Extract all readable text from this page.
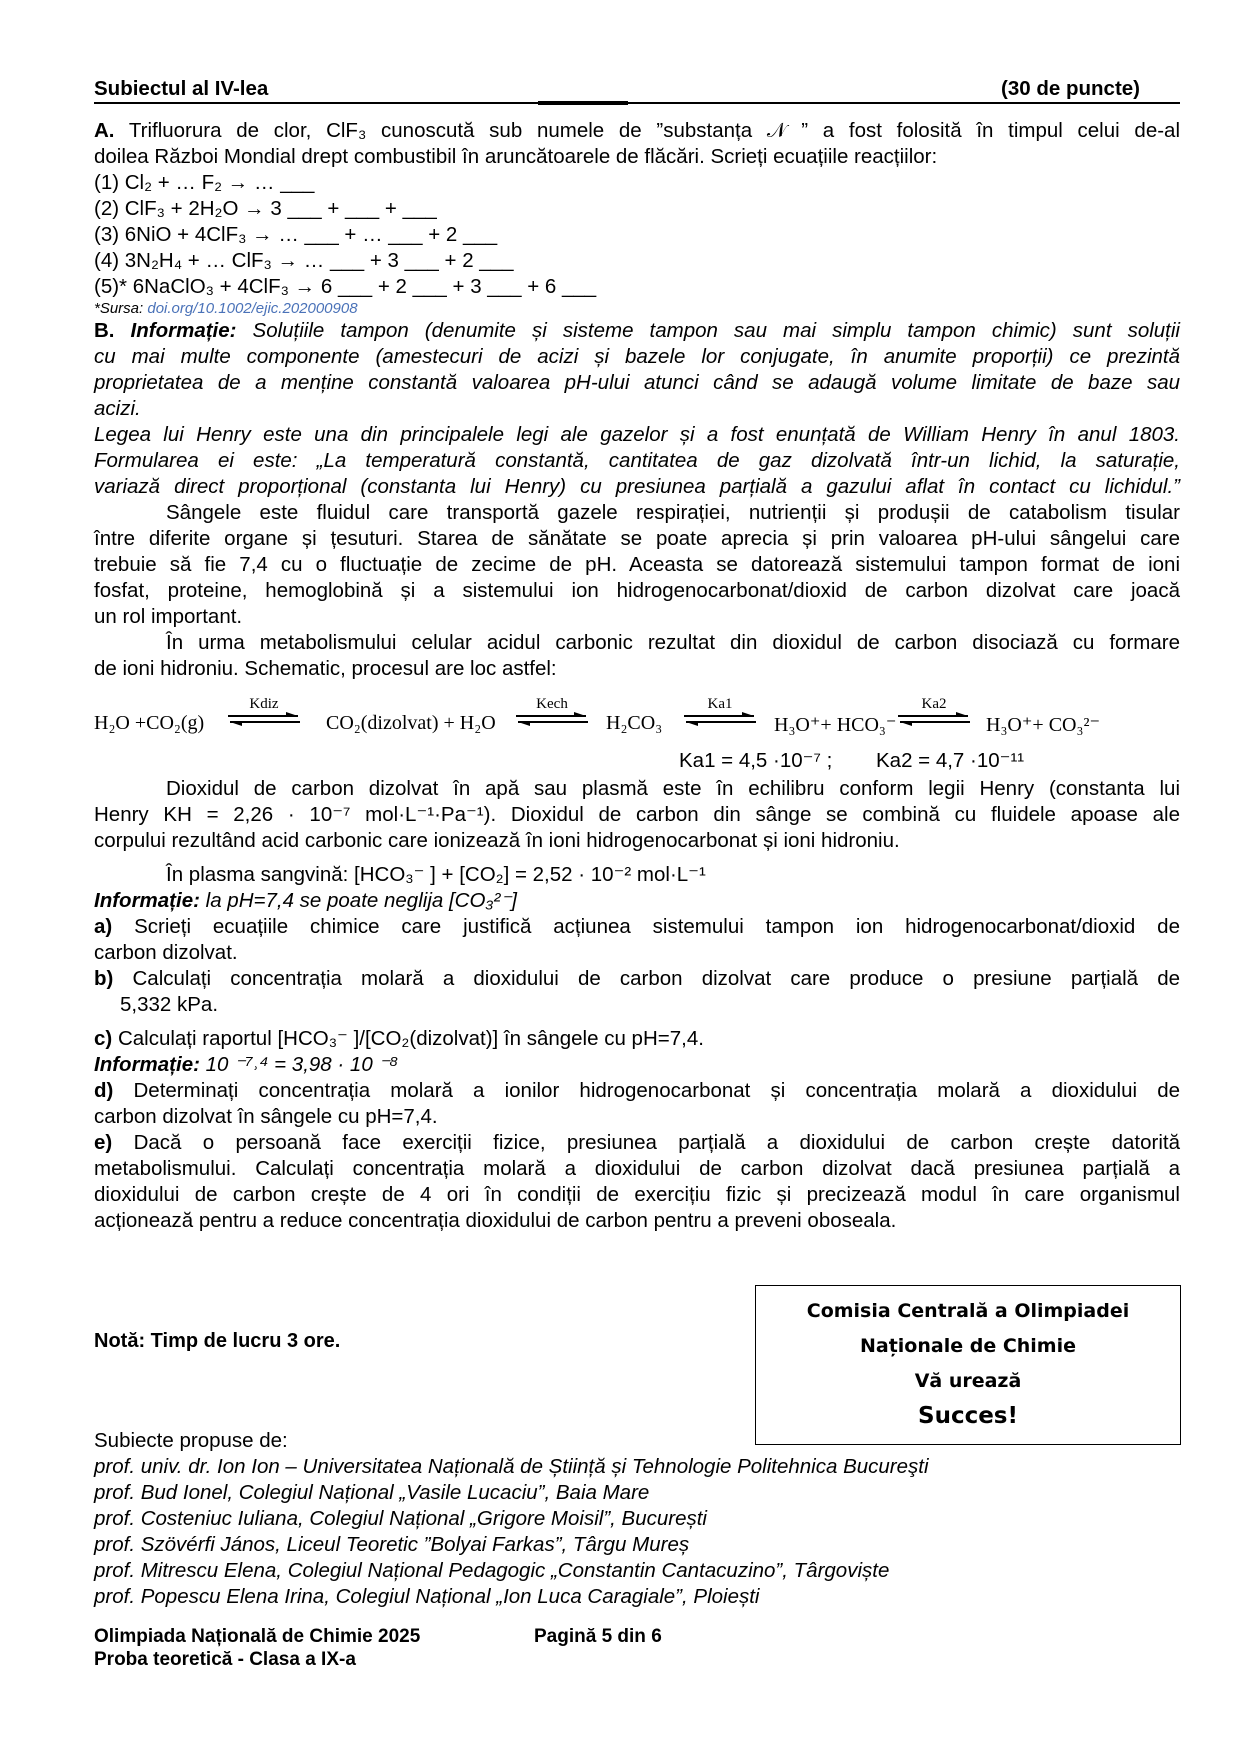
Subiectul al IV-lea	(30 de puncte)
A. Trifluorura de clor, ClF₃ cunoscută sub numele de ”substanța 𝒩 ” a fost folosită în timpul celui de-al
doilea Război Mondial drept combustibil în aruncătoarele de flăcări. Scrieți ecuațiile reacțiilor:
(1) Cl₂ + … F₂ → … ___
(2) ClF₃ + 2H₂O → 3 ___ + ___ + ___
(3) 6NiO + 4ClF₃ → … ___ + … ___ + 2 ___
(4) 3N₂H₄ + … ClF₃ → … ___ + 3 ___ + 2 ___
(5)* 6NaClO₃ + 4ClF₃ → 6 ___ + 2 ___ + 3 ___ + 6 ___
*Sursa: doi.org/10.1002/ejic.202000908
B. Informație: Soluțiile tampon (denumite și sisteme tampon sau mai simplu tampon chimic) sunt soluții
cu mai multe componente (amestecuri de acizi și bazele lor conjugate, în anumite proporții) ce prezintă
proprietatea de a menține constantă valoarea pH-ului atunci când se adaugă volume limitate de baze sau
acizi.
Legea lui Henry este una din principalele legi ale gazelor și a fost enunțată de William Henry în anul 1803.
Formularea ei este: „La temperatură constantă, cantitatea de gaz dizolvată într-un lichid, la saturație,
variază direct proporțional (constanta lui Henry) cu presiunea parțială a gazului aflat în contact cu lichidul.”
Sângele este fluidul care transportă gazele respirației, nutrienții și produșii de catabolism tisular
între diferite organe și țesuturi. Starea de sănătate se poate aprecia și prin valoarea pH-ului sângelui care
trebuie să fie 7,4 cu o fluctuație de zecime de pH. Aceasta se datorează sistemului tampon format de ioni
fosfat, proteine, hemoglobină și a sistemului ion hidrogenocarbonat/dioxid de carbon dizolvat care joacă
un rol important.
În urma metabolismului celular acidul carbonic rezultat din dioxidul de carbon disociază cu formare
de ioni hidroniu. Schematic, procesul are loc astfel:
H₂O +CO₂(g)
Kdiz
CO₂(dizolvat) + H₂O
Kech
H₂CO₃
Ka1
H₃O⁺+ HCO₃⁻
Ka2
H₃O⁺+ CO₃²⁻
Ka1 = 4,5 ·10⁻⁷ ; Ka2 = 4,7 ·10⁻¹¹
Dioxidul de carbon dizolvat în apă sau plasmă este în echilibru conform legii Henry (constanta lui
Henry KH = 2,26 · 10⁻⁷ mol·L⁻¹·Pa⁻¹). Dioxidul de carbon din sânge se combină cu fluidele apoase ale
corpului rezultând acid carbonic care ionizează în ioni hidrogenocarbonat și ioni hidroniu.
În plasma sangvină: [HCO₃⁻ ] + [CO₂] = 2,52 · 10⁻² mol·L⁻¹
Informație: la pH=7,4 se poate neglija [CO₃²⁻]
a) Scrieți ecuațiile chimice care justifică acțiunea sistemului tampon ion hidrogenocarbonat/dioxid de
carbon dizolvat.
b) Calculați concentrația molară a dioxidului de carbon dizolvat care produce o presiune parțială de
5,332 kPa.
c) Calculați raportul [HCO₃⁻ ]/[CO₂(dizolvat)] în sângele cu pH=7,4.
Informație: 10 ⁻⁷˒⁴ = 3,98 · 10 ⁻⁸
d) Determinați concentrația molară a ionilor hidrogenocarbonat și concentrația molară a dioxidului de
carbon dizolvat în sângele cu pH=7,4.
e) Dacă o persoană face exerciții fizice, presiunea parțială a dioxidului de carbon crește datorită
metabolismului. Calculați concentrația molară a dioxidului de carbon dizolvat dacă presiunea parțială a
dioxidului de carbon crește de 4 ori în condiții de exercițiu fizic și precizează modul în care organismul
acționează pentru a reduce concentrația dioxidului de carbon pentru a preveni oboseala.
Notă: Timp de lucru 3 ore.
Comisia Centrală a Olimpiadei
Naționale de Chimie
Vă urează
Succes!
Subiecte propuse de:
prof. univ. dr. Ion Ion – Universitatea Națională de Știință și Tehnologie Politehnica Bucureşti
prof. Bud Ionel, Colegiul Național „Vasile Lucaciu”, Baia Mare
prof. Costeniuc Iuliana, Colegiul Național „Grigore Moisil”, București
prof. Szövérfi János, Liceul Teoretic ”Bolyai Farkas”, Târgu Mureș
prof. Mitrescu Elena, Colegiul Național Pedagogic „Constantin Cantacuzino”, Târgoviște
prof. Popescu Elena Irina, Colegiul Național „Ion Luca Caragiale”, Ploiești
Olimpiada Națională de Chimie 2025
Proba teoretică - Clasa a IX-a
Pagină 5 din 6
